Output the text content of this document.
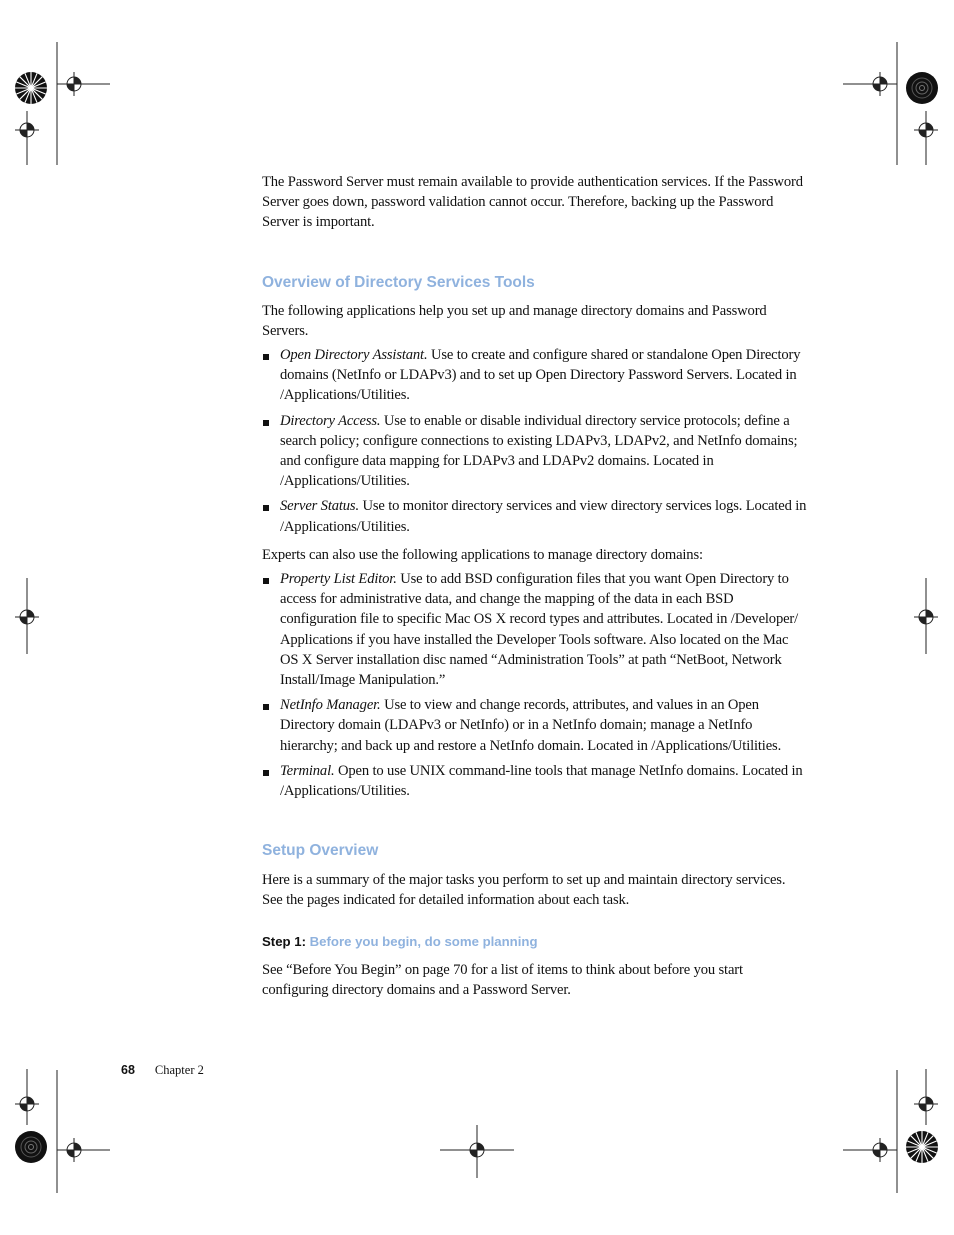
The Password Server must remain available to provide authentication services. If the Password Server goes down, password validation cannot occur. Therefore, backing up the Password Server is important.

Overview of Directory Services Tools

The following applications help you set up and manage directory domains and Password Servers.

Open Directory Assistant. Use to create and configure shared or standalone Open Directory domains (NetInfo or LDAPv3) and to set up Open Directory Password Servers. Located in /Applications/Utilities.
Directory Access. Use to enable or disable individual directory service protocols; define a search policy; configure connections to existing LDAPv3, LDAPv2, and NetInfo domains; and configure data mapping for LDAPv3 and LDAPv2 domains. Located in /Applications/Utilities.
Server Status. Use to monitor directory services and view directory services logs. Located in /Applications/Utilities.

Experts can also use the following applications to manage directory domains:

Property List Editor. Use to add BSD configuration files that you want Open Directory to access for administrative data, and change the mapping of the data in each BSD configuration file to specific Mac OS X record types and attributes. Located in /Developer/ Applications if you have installed the Developer Tools software. Also located on the Mac OS X Server installation disc named “Administration Tools” at path “NetBoot, Network Install/Image Manipulation.”
NetInfo Manager. Use to view and change records, attributes, and values in an Open Directory domain (LDAPv3 or NetInfo) or in a NetInfo domain; manage a NetInfo hierarchy; and back up and restore a NetInfo domain. Located in /Applications/Utilities.
Terminal. Open to use UNIX command-line tools that manage NetInfo domains. Located in /Applications/Utilities.
Setup Overview

Here is a summary of the major tasks you perform to set up and maintain directory services. See the pages indicated for detailed information about each task.

Step 1: Before you begin, do some planning

See “Before You Begin” on page 70 for a list of items to think about before you start configuring directory domains and a Password Server.

68 Chapter 2
